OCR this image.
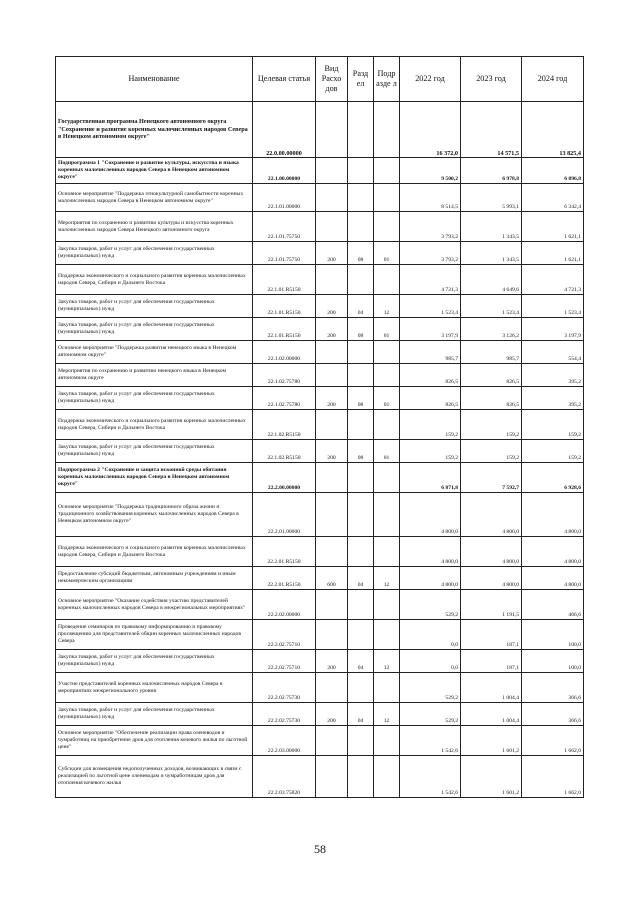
Наименование	Целевая статья	Вид Расхо дов	Разд ел	Подр азде л	2022 год	2023 год	2024 год
Государственная программа Ненецкого автономного округа "Сохранение и развитие коренных малочисленных народов Севера в Ненецком автономном округе"	22.0.00.00000				16 372,0	14 571,5	13 825,4
Подпрограмма 1 "Сохранение и развитие культуры, искусства и языка коренных малочисленных народов Севера в Ненецком автономном округе"	22.1.00.00000				9 500,2	6 978,8	6 896,8
Основное мероприятие "Поддержка этнокультурной самобытности коренных малочисленных народов Севера в Ненецком автономном округе"	22.1.01.00000				8 514,5	5 993,1	6 342,4
Мероприятия по сохранению и развитию культуры и искусства коренных малочисленных народов Севера Ненецкого автономного округа	22.1.01.75750				3 793,2	1 343,5	1 621,1
Закупка товаров, работ и услуг для обеспечения государственных (муниципальных) нужд	22.1.01.75750	200	08	01	3 793,2	1 343,5	1 621,1
Поддержка экономического и социального развития коренных малочисленных народов Севера, Сибири и Дальнего Востока	22.1.01.R5150				4 721,3	4 649,6	4 721,3
Закупка товаров, работ и услуг для обеспечения государственных (муниципальных) нужд	22.1.01.R5150	200	04	12	1 523,4	1 523,4	1 523,4
Закупка товаров, работ и услуг для обеспечения государственных (муниципальных) нужд	22.1.01.R5150	200	08	01	3 197,9	3 126,2	3 197,9
Основное мероприятие "Поддержка развития ненецкого языка в Ненецком автономном округе"	22.1.02.00000				985,7	985,7	554,4
Мероприятия по сохранению и развитию ненецкого языка в Ненецком автономном округе	22.1.02.75780				826,5	826,5	395,2
Закупка товаров, работ и услуг для обеспечения государственных (муниципальных) нужд	22.1.02.75780	200	08	01	826,5	826,5	395,2
Поддержка экономического и социального развития коренных малочисленных народов Севера, Сибири и Дальнего Востока	22.1.02.R5150				159,2	159,2	159,2
Закупка товаров, работ и услуг для обеспечения государственных (муниципальных) нужд	22.1.02.R5150	200	08	01	159,2	159,2	159,2
Подпрограмма 2 "Сохранение и защита исконной среды обитания коренных малочисленных народов Севера в Ненецком автономном округе"	22.2.00.00000				6 871,8	7 592,7	6 928,6
Основное мероприятие "Поддержка традиционного образа жизни и традиционного хозяйствования коренных малочисленных народов Севера в Ненецком автономном округе"	22.2.01.00000				4 800,0	4 800,0	4 800,0
Поддержка экономического и социального развития коренных малочисленных народов Севера, Сибири и Дальнего Востока	22.2.01.R5150				4 800,0	4 800,0	4 800,0
Предоставление субсидий бюджетным, автономным учреждениям и иным некоммерческим организациям	22.2.01.R5150	600	04	12	4 800,0	4 800,0	4 800,0
Основное мероприятие "Оказание содействия участию представителей коренных малочисленных народов Севера в межрегиональных мероприятиях"	22.2.02.00000				529,2	1 191,5	466,6
Проведение семинаров по правовому информированию и правовому просвещению для представителей общин коренных малочисленных народов Севера	22.2.02.75710				0,0	187,1	100,0
Закупка товаров, работ и услуг для обеспечения государственных (муниципальных) нужд	22.2.02.75710	200	04	12	0,0	187,1	100,0
Участие представителей коренных малочисленных народов Севера в мероприятиях межрегионального уровня	22.2.02.75730				529,2	1 004,4	366,6
Закупка товаров, работ и услуг для обеспечения государственных (муниципальных) нужд	22.2.02.75730	200	04	12	529,2	1 004,4	366,6
Основное мероприятие "Обеспечение реализации права оленеводов и чумработниц на приобретение дров для отопления кочевого жилья по льготной цене"	22.2.03.00000				1 542,6	1 601,2	1 662,0
Субсидии для возмещения недополученных доходов, возникающих в связи с реализацией по льготной цене оленеводам и чумработницам дров для отопления кочевого жилья	22.2.03.75820				1 542,6	1 601,2	1 662,0
58
